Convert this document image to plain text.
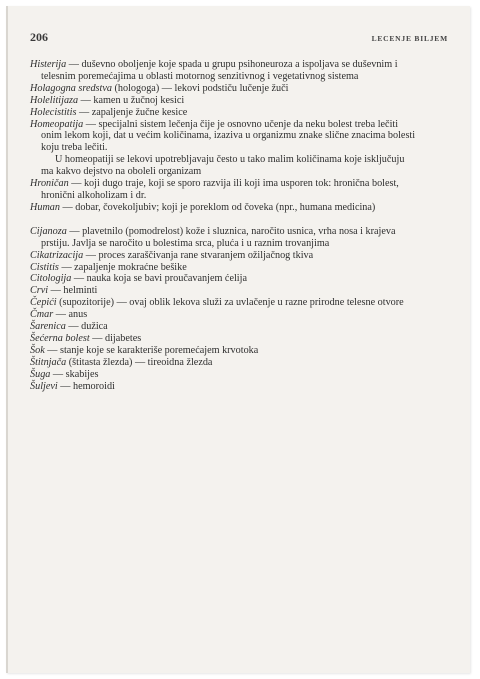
206	LECENJE BILJEM

Histerija — duševno oboljenje koje spada u grupu psihoneuroza a ispoljava se duševnim i telesnim poremećajima u oblasti motornog senzitivnog i vegetativnog sistema

Holagogna sredstva (hologoga) — lekovi podstiču lučenje žuči

Holelitijaza — kamen u žučnoj kesici

Holecistitis — zapaljenje žučne kesice

Homeopatija — specijalni sistem lečenja čije je osnovno učenje da neku bolest treba lečiti onim lekom koji, dat u većim količinama, izaziva u organizmu znake slične znacima bolesti koju treba lečiti.

U homeopatiji se lekovi upotrebljavaju često u tako malim količinama koje isključuju ma kakvo dejstvo na oboleli organizam

Hroničan — koji dugo traje, koji se sporo razvija ili koji ima usporen tok: hronična bolest, hronični alkoholizam i dr.

Human — dobar, čovekoljubiv; koji je poreklom od čoveka (npr., humana medicina)

Cijanoza — plavetnilo (pomodrelost) kože i sluznica, naročito usnica, vrha nosa i krajeva prstiju. Javlja se naročito u bolestima srca, pluća i u raznim trovanjima

Cikatrizacija — proces zaraščivanja rane stvaranjem ožiljačnog tkiva

Cistitis — zapaljenje mokraćne bešike

Citologija — nauka koja se bavi proučavanjem ćelija

Crvi — helminti

Čepići (supozitorije) — ovaj oblik lekova služi za uvlačenje u razne prirodne telesne otvore

Čmar — anus

Šarenica — dužica

Šećerna bolest — dijabetes

Šok — stanje koje se karakteriše poremećajem krvotoka

Štitnjača (štitasta žlezda) — tireoidna žlezda

Šuga — skabijes

Šuljevi — hemoroidi
